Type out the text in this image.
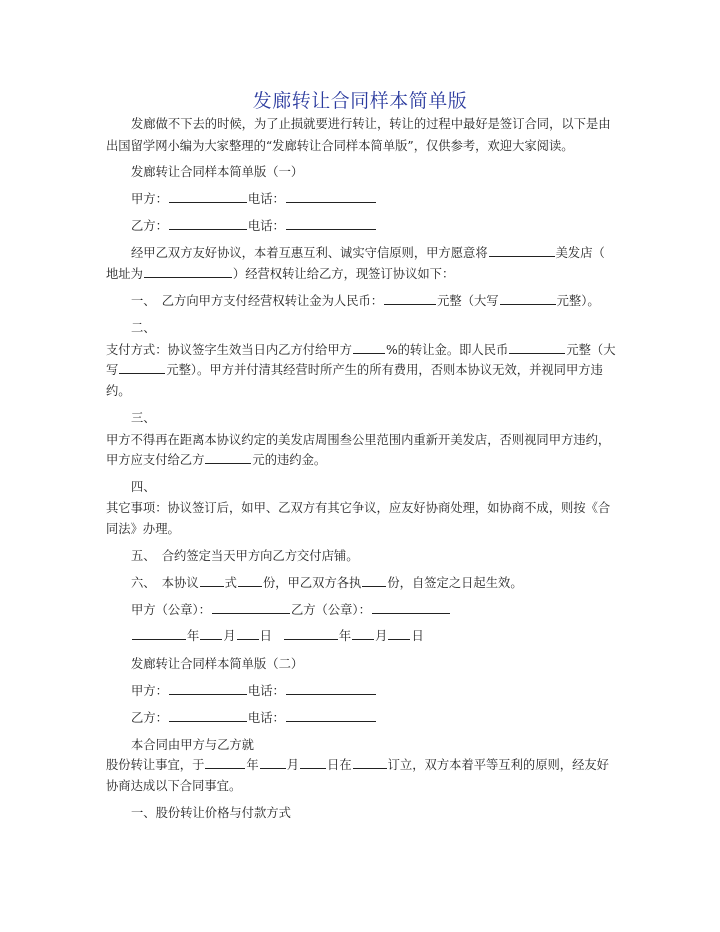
发廊转让合同样本简单版
发廊做不下去的时候，为了止损就要进行转让，转让的过程中最好是签订合同，以下是由
出国留学网小编为大家整理的“发廊转让合同样本简单版”，仅供参考，欢迎大家阅读。
发廊转让合同样本简单版（一）
甲方：	电话：
乙方：	电话：
经甲乙双方友好协议，本着互惠互利、诚实守信原则，甲方愿意将	美发店（
地址为	）经营权转让给乙方，现签订协议如下：
一、　乙方向甲方支付经营权转让金为人民币：	元整（大写	元整）。
二、
支付方式：协议签字生效当日内乙方付给甲方	%的转让金。即人民币	元整（大
写	元整）。甲方并付清其经营时所产生的所有费用，否则本协议无效，并视同甲方违
约。
三、
甲方不得再在距离本协议约定的美发店周围叁公里范围内重新开美发店，否则视同甲方违约，
甲方应支付给乙方	元的违约金。
四、
其它事项：协议签订后，如甲、乙双方有其它争议，应友好协商处理，如协商不成，则按《合
同法》办理。
五、　合约签定当天甲方向乙方交付店铺。
六、　本协议 式 份，甲乙双方各执 份，自签定之日起生效。
甲方（公章）：	乙方（公章）：
年 月 日	年 月 日
发廊转让合同样本简单版（二）
甲方：	电话：
乙方：	电话：
本合同由甲方与乙方就
股份转让事宜，于	年 月 日在	订立，双方本着平等互利的原则，经友好
协商达成以下合同事宜。
一、股份转让价格与付款方式
